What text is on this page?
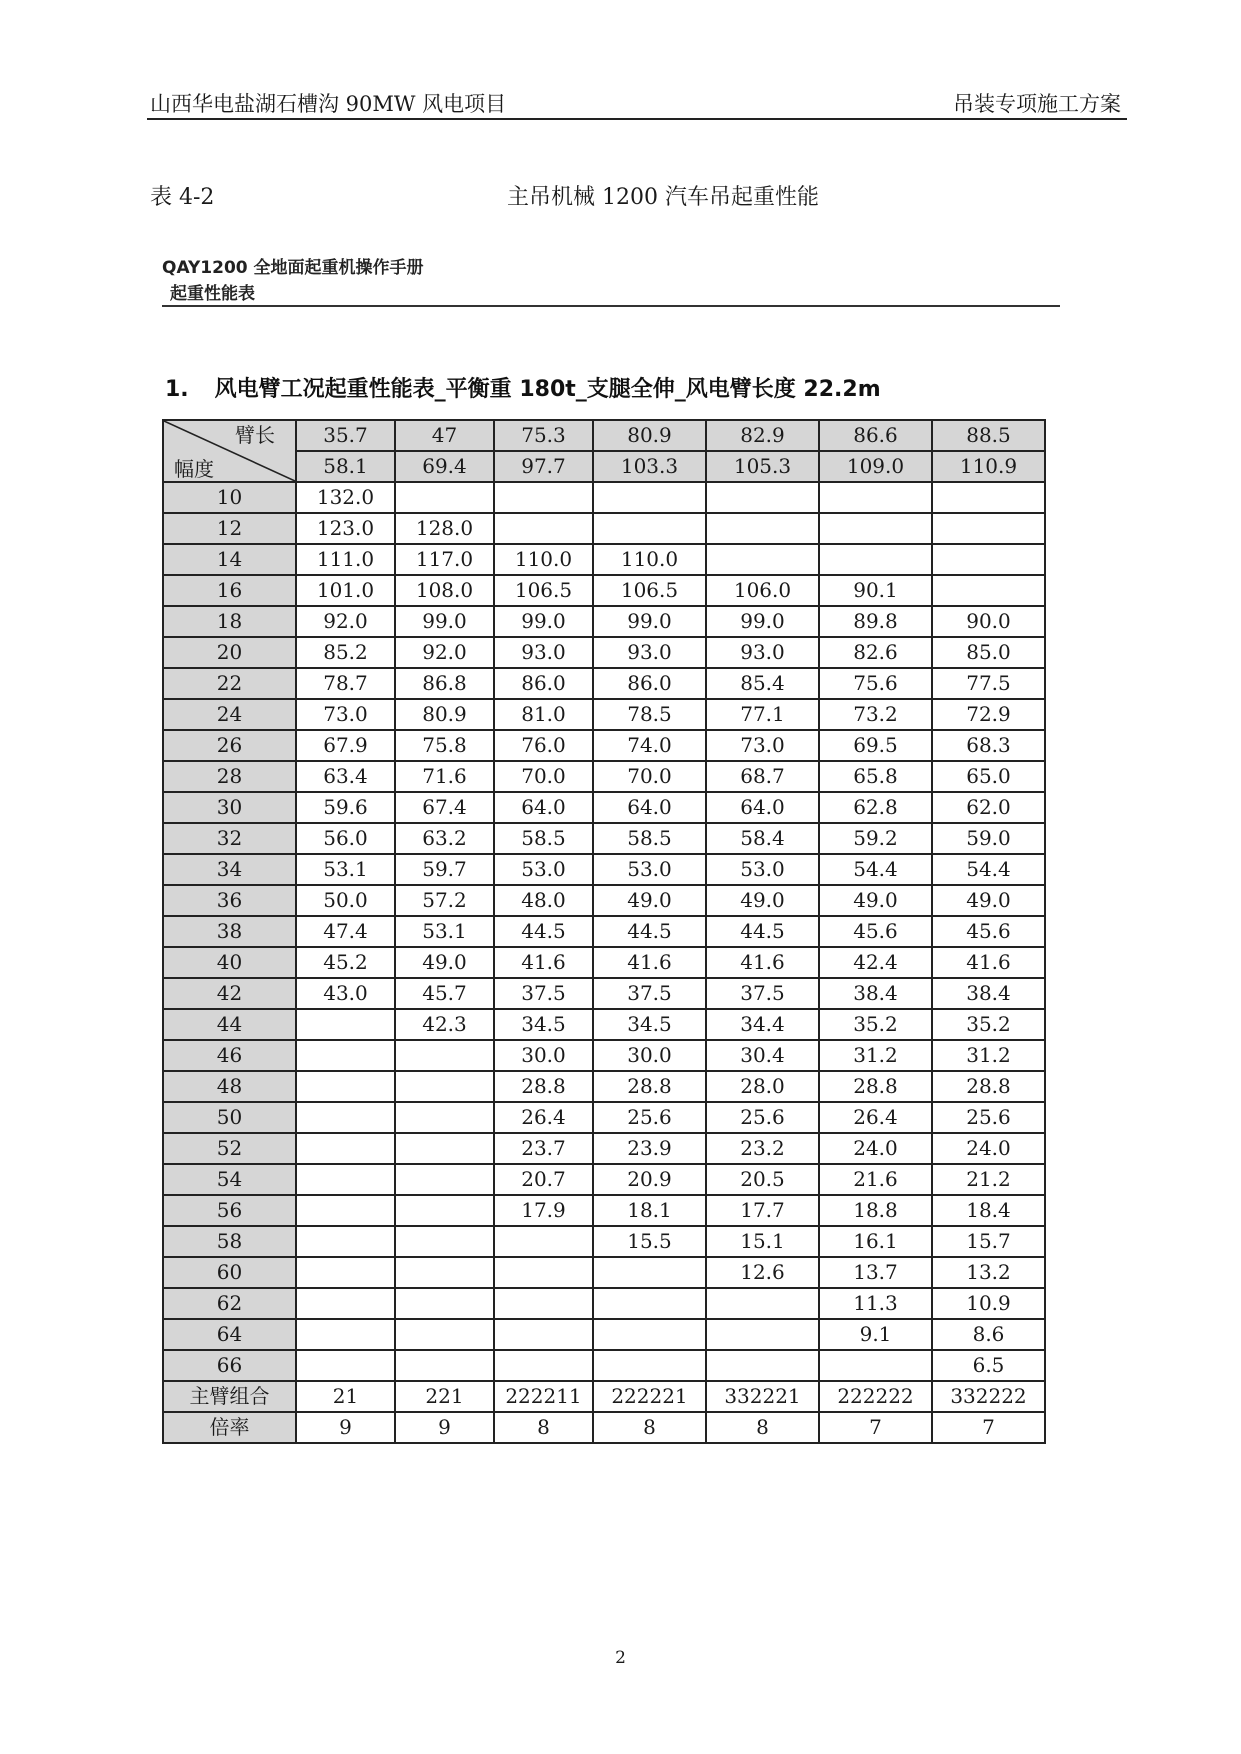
山西华电盐湖石槽沟 90MW 风电项目	吊装专项施工方案
表 4-2	主吊机械 1200 汽车吊起重性能
QAY1200 全地面起重机操作手册
起重性能表
1. 风电臂工况起重性能表_平衡重 180t_支腿全伸_风电臂长度 22.2m
臂长
幅度	35.7	47	75.3	80.9	82.9	86.6	88.5
	58.1	69.4	97.7	103.3	105.3	109.0	110.9
10	132.0						
12	123.0	128.0					
14	111.0	117.0	110.0	110.0			
16	101.0	108.0	106.5	106.5	106.0	90.1	
18	92.0	99.0	99.0	99.0	99.0	89.8	90.0
20	85.2	92.0	93.0	93.0	93.0	82.6	85.0
22	78.7	86.8	86.0	86.0	85.4	75.6	77.5
24	73.0	80.9	81.0	78.5	77.1	73.2	72.9
26	67.9	75.8	76.0	74.0	73.0	69.5	68.3
28	63.4	71.6	70.0	70.0	68.7	65.8	65.0
30	59.6	67.4	64.0	64.0	64.0	62.8	62.0
32	56.0	63.2	58.5	58.5	58.4	59.2	59.0
34	53.1	59.7	53.0	53.0	53.0	54.4	54.4
36	50.0	57.2	48.0	49.0	49.0	49.0	49.0
38	47.4	53.1	44.5	44.5	44.5	45.6	45.6
40	45.2	49.0	41.6	41.6	41.6	42.4	41.6
42	43.0	45.7	37.5	37.5	37.5	38.4	38.4
44		42.3	34.5	34.5	34.4	35.2	35.2
46			30.0	30.0	30.4	31.2	31.2
48			28.8	28.8	28.0	28.8	28.8
50			26.4	25.6	25.6	26.4	25.6
52			23.7	23.9	23.2	24.0	24.0
54			20.7	20.9	20.5	21.6	21.2
56			17.9	18.1	17.7	18.8	18.4
58				15.5	15.1	16.1	15.7
60					12.6	13.7	13.2
62						11.3	10.9
64						9.1	8.6
66							6.5
主臂组合	21	221	222211	222221	332221	222222	332222
倍率	9	9	8	8	8	7	7
2
